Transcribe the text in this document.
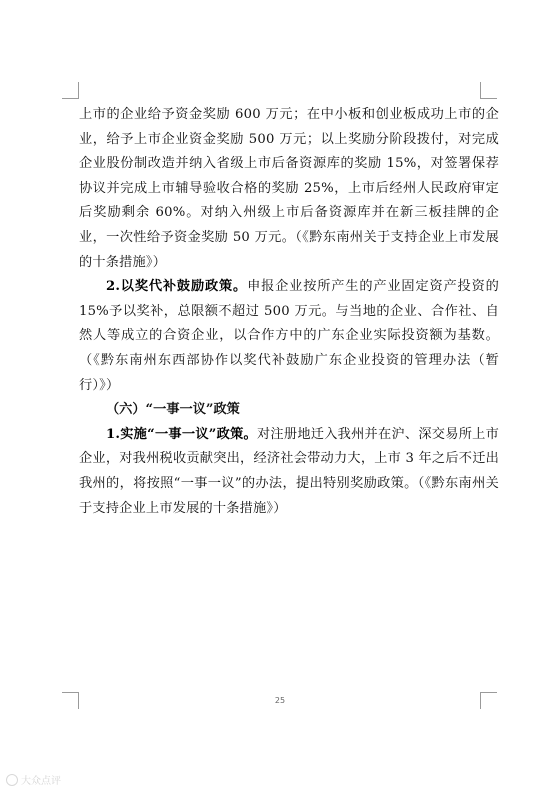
上市的企业给予资金奖励 600 万元；在中小板和创业板成功上市的企业，给予上市企业资金奖励 500 万元；以上奖励分阶段拨付，对完成企业股份制改造并纳入省级上市后备资源库的奖励 15%，对签署保荐协议并完成上市辅导验收合格的奖励 25%，上市后经州人民政府审定后奖励剩余 60%。对纳入州级上市后备资源库并在新三板挂牌的企业，一次性给予资金奖励 50 万元。（《黔东南州关于支持企业上市发展的十条措施》）

2.以奖代补鼓励政策。申报企业按所产生的产业固定资产投资的 15%予以奖补，总限额不超过 500 万元。与当地的企业、合作社、自然人等成立的合资企业，以合作方中的广东企业实际投资额为基数。（《黔东南州东西部协作以奖代补鼓励广东企业投资的管理办法（暂行）》）

（六）“一事一议”政策

1.实施“一事一议”政策。对注册地迁入我州并在沪、深交易所上市企业，对我州税收贡献突出，经济社会带动力大，上市 3 年之后不迁出我州的，将按照“一事一议”的办法，提出特别奖励政策。（《黔东南州关于支持企业上市发展的十条措施》）

25
大众点评
